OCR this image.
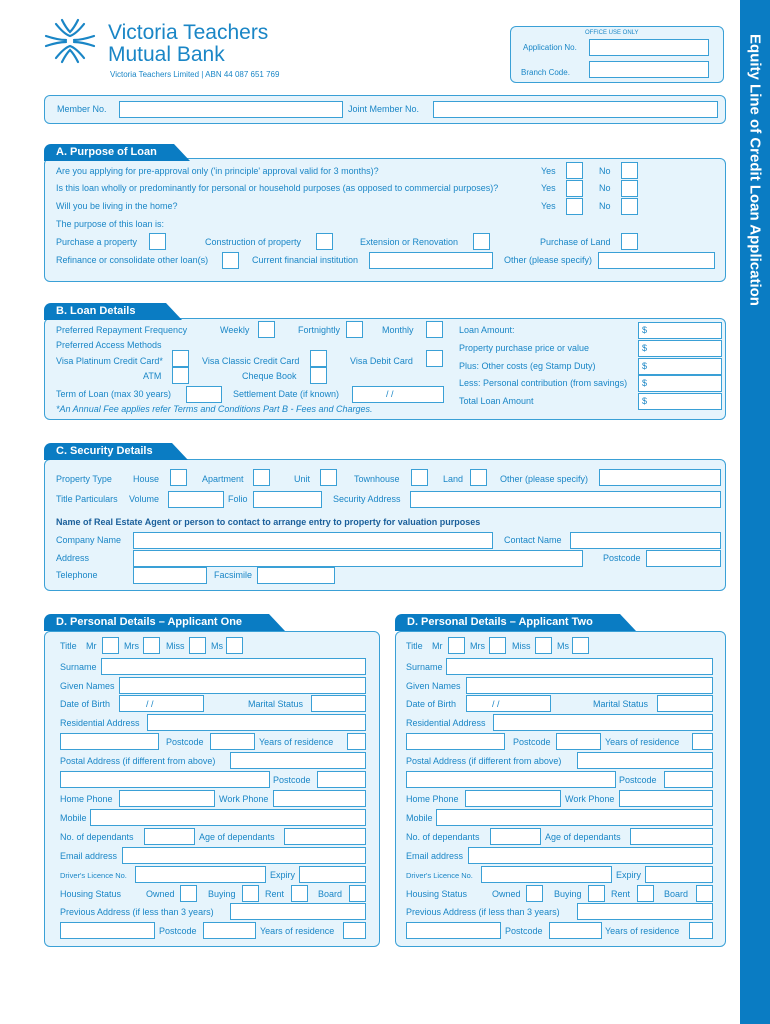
Victoria Teachers
Mutual Bank
Victoria Teachers Limited | ABN 44 087 651 769
OFFICE USE ONLY
Application No.
Branch Code.	Equity Line of Credit Loan Application
Member No.	Joint Member No.
A. Purpose of Loan
Are you applying for pre-approval only ('in principle' approval valid for 3 months)?	Yes	No
Is this loan wholly or predominantly for personal or household purposes (as opposed to commercial purposes)?	Yes	No
Will you be living in the home?	Yes	No
The purpose of this loan is:
Purchase a property	Construction of property	Extension or Renovation	Purchase of Land
Refinance or consolidate other loan(s)	Current financial institution	Other (please specify)
B. Loan Details
Preferred Repayment Frequency	Weekly	Fortnightly	Monthly
Preferred Access Methods
Visa Platinum Credit Card*	Visa Classic Credit Card	Visa Debit Card
ATM	Cheque Book
Term of Loan (max 30 years)	Settlement Date (if known)	/ /
*An Annual Fee applies refer Terms and Conditions Part B - Fees and Charges.
Loan Amount:	$
Property purchase price or value	$
Plus: Other costs (eg Stamp Duty)	$
Less: Personal contribution (from savings) $
Total Loan Amount	$
C. Security Details
Property Type House	Apartment	Unit	Townhouse	Land	Other (please specify)
Title Particulars Volume	Folio	Security Address
Name of Real Estate Agent or person to contact to arrange entry to property for valuation purposes
Company Name	Contact Name
Address	Postcode
Telephone	Facsimile
D. Personal Details – Applicant One
Title Mr	Mrs	Miss	Ms
Surname
Given Names
Date of Birth	/ /	Marital Status
Residential Address
Postcode	Years of residence
Postal Address (if different from above)
Postcode
Home Phone	Work Phone
Mobile
No. of dependants	Age of dependants
Email address
Driver's Licence No.	Expiry
Housing Status	Owned	Buying	Rent	Board
Previous Address (if less than 3 years)
Postcode	Years of residence
D. Personal Details – Applicant Two
Title Mr	Mrs	Miss	Ms
Surname
Given Names
Date of Birth	/ /	Marital Status
Residential Address
Postcode	Years of residence
Postal Address (if different from above)
Postcode
Home Phone	Work Phone
Mobile
No. of dependants	Age of dependants
Email address
Driver's Licence No.	Expiry
Housing Status	Owned	Buying	Rent	Board
Previous Address (if less than 3 years)
Postcode	Years of residence
